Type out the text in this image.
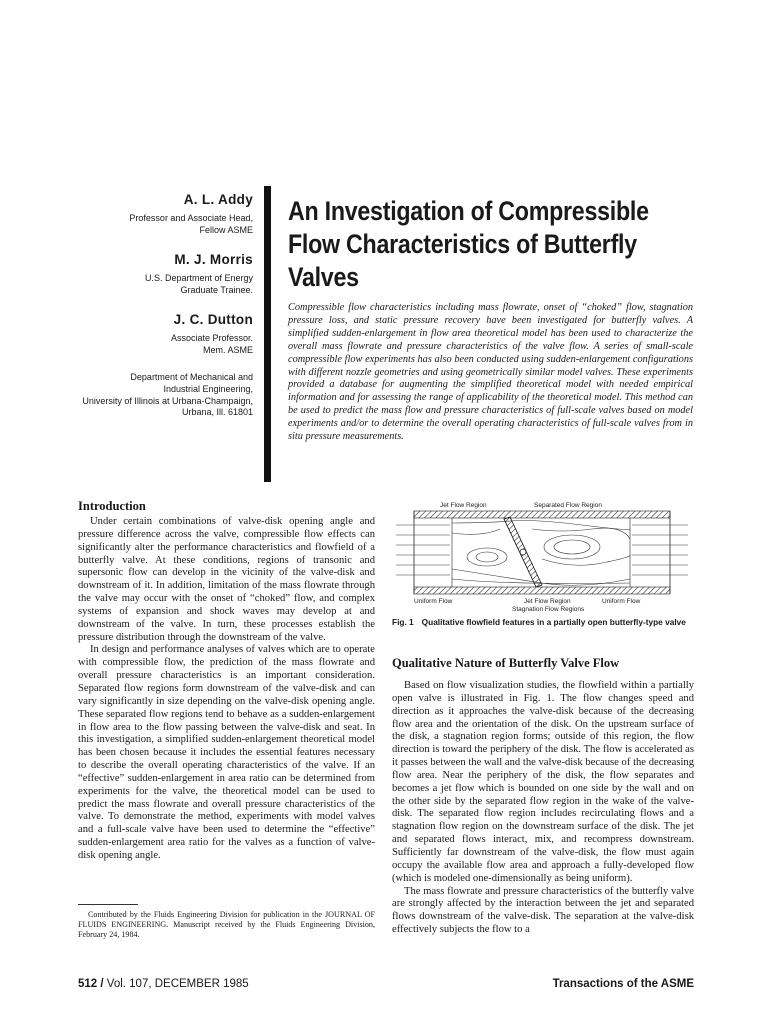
A. L. Addy
Professor and Associate Head,
Fellow ASME
M. J. Morris
U.S. Department of Energy
Graduate Trainee.
J. C. Dutton
Associate Professor.
Mem. ASME
Department of Mechanical and
Industrial Engineering,
University of Illinois at Urbana-Champaign,
Urbana, Ill. 61801
An Investigation of Compressible
Flow Characteristics of Butterfly
Valves
Compressible flow characteristics including mass flowrate, onset of “choked” flow, stagnation pressure loss, and static pressure recovery have been investigated for butterfly valves. A simplified sudden-enlargement in flow area theoretical model has been used to characterize the overall mass flowrate and pressure characteristics of the valve flow. A series of small-scale compressible flow experiments has also been conducted using sudden-enlargement configurations with different nozzle geometries and using geometrically similar model valves. These experiments provided a database for augmenting the simplified theoretical model with needed empirical information and for assessing the range of applicability of the theoretical model. This method can be used to predict the mass flow and pressure characteristics of full-scale valves based on model experiments and/or to determine the overall operating characteristics of full-scale valves from in situ pressure measurements.
Introduction

Under certain combinations of valve-disk opening angle and pressure difference across the valve, compressible flow effects can significantly alter the performance characteristics and flowfield of a butterfly valve. At these conditions, regions of transonic and supersonic flow can develop in the vicinity of the valve-disk and downstream of it. In addition, limitation of the mass flowrate through the valve may occur with the onset of “choked” flow, and complex systems of expansion and shock waves may develop at and downstream of the valve. In turn, these processes establish the pressure distribution through the downstream of the valve.

In design and performance analyses of valves which are to operate with compressible flow, the prediction of the mass flowrate and overall pressure characteristics is an important consideration. Separated flow regions form downstream of the valve-disk and can vary significantly in size depending on the valve-disk opening angle. These separated flow regions tend to behave as a sudden-enlargement in flow area to the flow passing between the valve-disk and seat. In this investigation, a simplified sudden-enlargement theoretical model has been chosen because it includes the essential features necessary to describe the overall operating characteristics of the valve. If an “effective” sudden-enlargement in area ratio can be determined from experiments for the valve, the theoretical model can be used to predict the mass flowrate and overall pressure characteristics of the valve. To demonstrate the method, experiments with model valves and a full-scale valve have been used to determine the “effective” sudden-enlargement area ratio for the valves as a function of valve-disk opening angle.

Contributed by the Fluids Engineering Division for publication in the JOURNAL OF FLUIDS ENGINEERING. Manuscript received by the Fluids Engineering Division, February 24, 1984.
Jet Flow Region	Separated Flow Region
Uniform Flow	Jet Flow Region	Uniform Flow
Stagnation Flow Regions
Fig. 1 Qualitative flowfield features in a partially open butterfly-type valve
Qualitative Nature of Butterfly Valve Flow

Based on flow visualization studies, the flowfield within a partially open valve is illustrated in Fig. 1. The flow changes speed and direction as it approaches the valve-disk because of the decreasing flow area and the orientation of the disk. On the upstream surface of the disk, a stagnation region forms; outside of this region, the flow direction is toward the periphery of the disk. The flow is accelerated as it passes between the wall and the valve-disk because of the decreasing flow area. Near the periphery of the disk, the flow separates and becomes a jet flow which is bounded on one side by the wall and on the other side by the separated flow region in the wake of the valve-disk. The separated flow region includes recirculating flows and a stagnation flow region on the downstream surface of the disk. The jet and separated flows interact, mix, and recompress downstream. Sufficiently far downstream of the valve-disk, the flow must again occupy the available flow area and approach a fully-developed flow (which is modeled one-dimensionally as being uniform).

The mass flowrate and pressure characteristics of the butterfly valve are strongly affected by the interaction between the jet and separated flows downstream of the valve-disk. The separation at the valve-disk effectively subjects the flow to a

512 / Vol. 107, DECEMBER 1985	Transactions of the ASME
